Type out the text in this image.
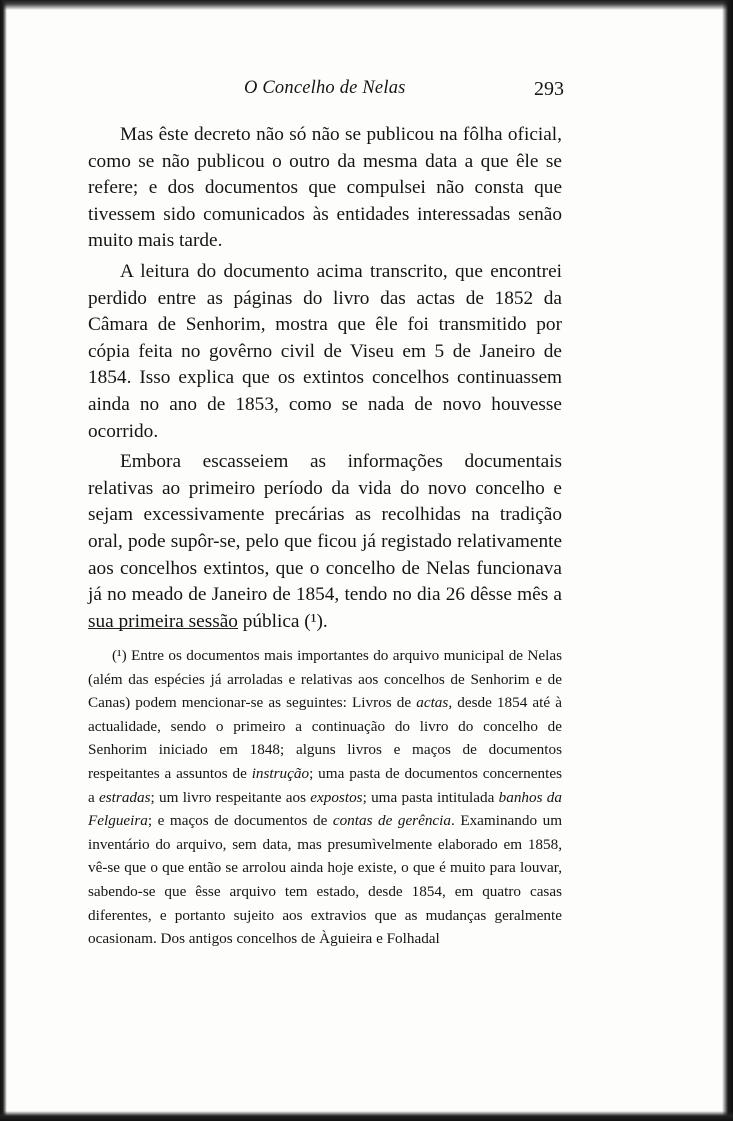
O Concelho de Nelas	293

Mas êste decreto não só não se publicou na fôlha oficial, como se não publicou o outro da mesma data a que êle se refere; e dos documentos que compulsei não consta que tivessem sido comunicados às entidades interessadas senão muito mais tarde.

A leitura do documento acima transcrito, que encontrei perdido entre as páginas do livro das actas de 1852 da Câmara de Senhorim, mostra que êle foi transmitido por cópia feita no govêrno civil de Viseu em 5 de Janeiro de 1854. Isso explica que os extintos concelhos continuassem ainda no ano de 1853, como se nada de novo houvesse ocorrido.

Embora escasseiem as informações documentais relativas ao primeiro período da vida do novo concelho e sejam excessivamente precárias as recolhidas na tradição oral, pode supôr-se, pelo que ficou já registado relativamente aos concelhos extintos, que o concelho de Nelas funcionava já no meado de Janeiro de 1854, tendo no dia 26 dêsse mês a sua primeira sessão pública (¹).

(¹) Entre os documentos mais importantes do arquivo municipal de Nelas (além das espécies já arroladas e relativas aos concelhos de Senhorim e de Canas) podem mencionar-se as seguintes: Livros de actas, desde 1854 até à actualidade, sendo o primeiro a continuação do livro do concelho de Senhorim iniciado em 1848; alguns livros e maços de documentos respeitantes a assuntos de instrução; uma pasta de documentos concernentes a estradas; um livro respeitante aos expostos; uma pasta intitulada banhos da Felgueira; e maços de documentos de contas de gerência. Examinando um inventário do arquivo, sem data, mas presumìvelmente elaborado em 1858, vê-se que o que então se arrolou ainda hoje existe, o que é muito para louvar, sabendo-se que êsse arquivo tem estado, desde 1854, em quatro casas diferentes, e portanto sujeito aos extravios que as mudanças geralmente ocasionam. Dos antigos concelhos de Àguieira e Folhadal
